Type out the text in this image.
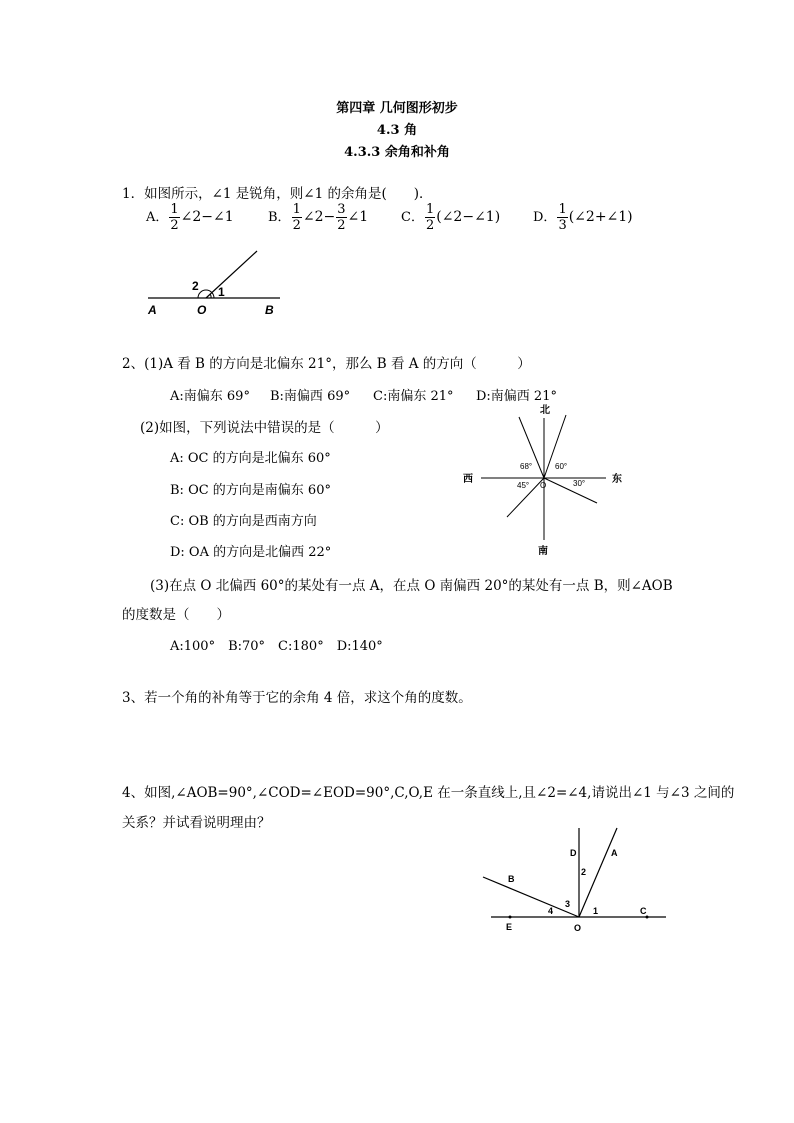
第四章 几何图形初步
4.3 角
4.3.3 余角和补角
1．如图所示，∠1 是锐角，则∠1 的余角是(　　)．
A． $\frac{1}{2}$ ∠2−∠1	B． $\frac{1}{2}$ ∠2− $\frac{3}{2}$ ∠1	C． $\frac{1}{2}$ (∠2−∠1)	D． $\frac{1}{3}$ (∠2+∠1)
2 1
A	O	B
2、(1)A 看 B 的方向是北偏东 21°，那么 B 看 A 的方向（　　　）
A:南偏东 69° B:南偏西 69° C:南偏东 21° D:南偏西 21°
(2)如图，下列说法中错误的是（　　　）
A: OC 的方向是北偏东 60°
B: OC 的方向是南偏东 60°
C: OB 的方向是西南方向
D: OA 的方向是北偏西 22°
北
南
西	东
68°	60°
45°	30°
O
(3)在点 O 北偏西 60°的某处有一点 A，在点 O 南偏西 20°的某处有一点 B，则∠AOB
的度数是（　　）
A:100°　B:70°　C:180°　D:140°
3、若一个角的补角等于它的余角 4 倍，求这个角的度数。
4、如图,∠AOB=90°,∠COD=∠EOD=90°,C,O,E 在一条直线上,且∠2=∠4,请说出∠1 与∠3 之间的
关系？并试看说明理由？
D	A
B
E	O
C
1
2
3
4
